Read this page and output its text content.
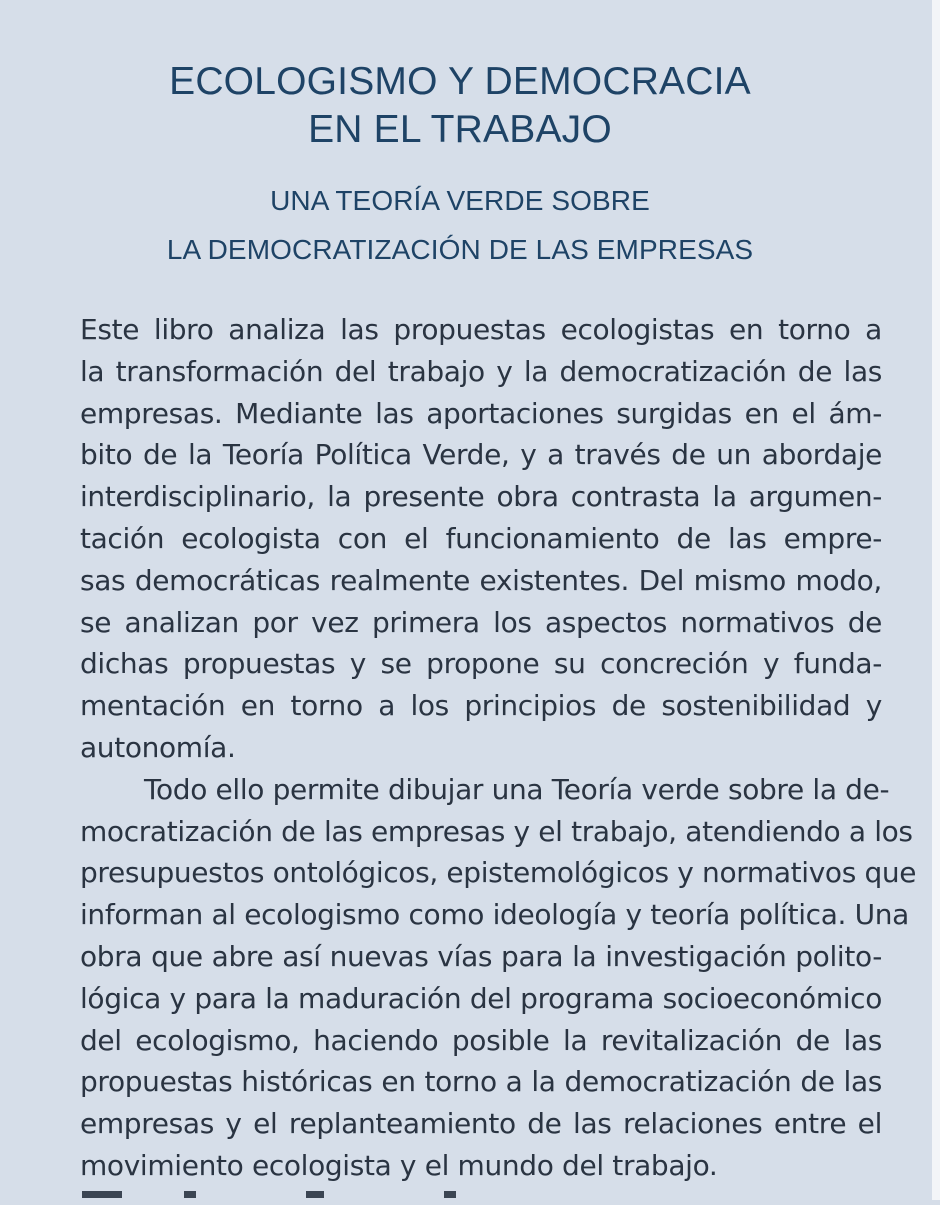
ECOLOGISMO Y DEMOCRACIA
EN EL TRABAJO
UNA TEORÍA VERDE SOBRE
LA DEMOCRATIZACIÓN DE LAS EMPRESAS
Este libro analiza las propuestas ecologistas en torno a
la transformación del trabajo y la democratización de las
empresas. Mediante las aportaciones surgidas en el ám-
bito de la Teoría Política Verde, y a través de un abordaje
interdisciplinario, la presente obra contrasta la argumen-
tación ecologista con el funcionamiento de las empre-
sas democráticas realmente existentes. Del mismo modo,
se analizan por vez primera los aspectos normativos de
dichas propuestas y se propone su concreción y funda-
mentación en torno a los principios de sostenibilidad y
autonomía.
Todo ello permite dibujar una Teoría verde sobre la de-
mocratización de las empresas y el trabajo, atendiendo a los
presupuestos ontológicos, epistemológicos y normativos que
informan al ecologismo como ideología y teoría política. Una
obra que abre así nuevas vías para la investigación polito-
lógica y para la maduración del programa socioeconómico
del ecologismo, haciendo posible la revitalización de las
propuestas históricas en torno a la democratización de las
empresas y el replanteamiento de las relaciones entre el
movimiento ecologista y el mundo del trabajo.
